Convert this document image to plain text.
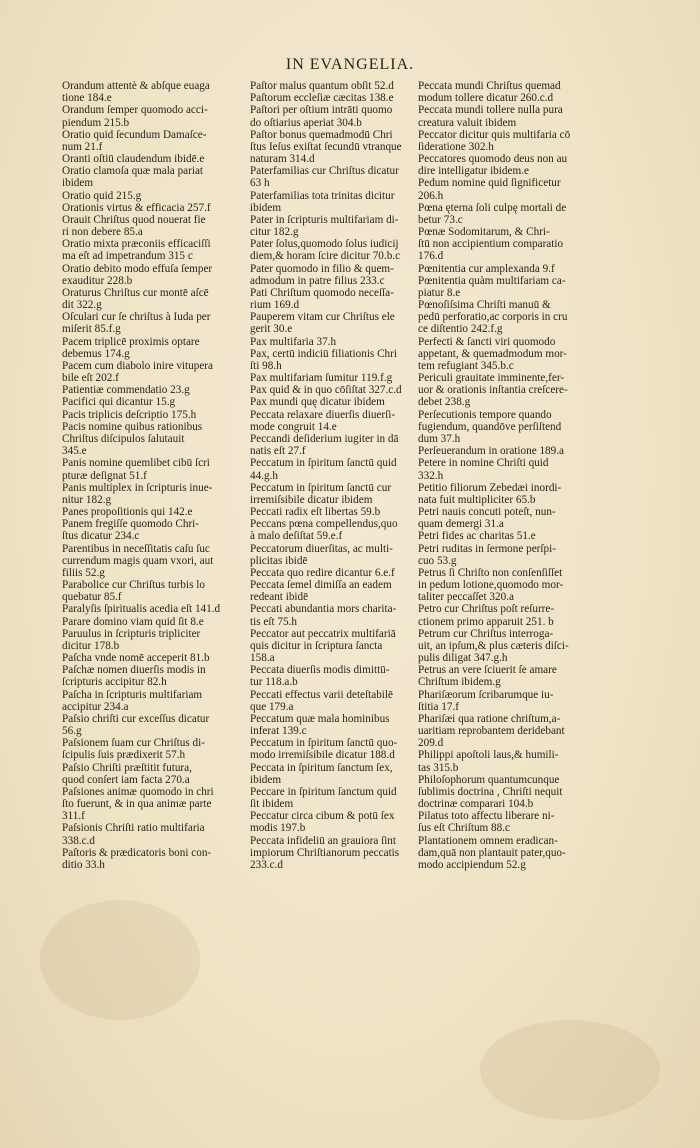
IN EVANGELIA.
Orandum attentè & abſque euaga
tione 184.e
Orandum ſemper quomodo acci-
piendum 215.b
Oratio quid ſecundum Damaſce-
num 21.f
Oranti oſtiū claudendum ibidē.e
Oratio clamoſa quæ mala pariat
ibidem
Oratio quid 215.g
Orationis virtus & efficacia 257.f
Orauit Chriſtus quod nouerat fie
ri non debere 85.a
Oratio mixta præconiis efficaciſſi
ma eſt ad impetrandum 315 c
Oratio debito modo effuſa ſemper
exauditur 228.b
Oraturus Chriſtus cur montē aſcē
dit 322.g
Oſculari cur ſe chriſtus à Iuda per
miſerit 85.f.g
Pacem triplicē proximis optare
debemus 174.g
Pacem cum diabolo inire vitupera
bile eſt 202.f
Patientiæ commendatio 23.g
Pacifici qui dicantur 15.g
Pacis triplicis deſcriptio 175.h
Pacis nomine quibus rationibus
Chriſtus diſcipulos ſalutauit
345.e
Panis nomine quemlibet cibū ſcri
pturæ deſignat 51.f
Panis multiplex in ſcripturis inue-
nitur 182.g
Panes propoſitionis qui 142.e
Panem fregiſſe quomodo Chri-
ſtus dicatur 234.c
Parentibus in neceſſitatis caſu ſuc
currendum magis quam vxori, aut
filiis 52.g
Parabolice cur Chriſtus turbis lo
quebatur 85.f
Paralyſis ſpiritualis acedia eſt 141.d
Parare domino viam quid ſit 8.e
Paruulus in ſcripturis tripliciter
dicitur 178.b
Paſcha vnde nomē acceperit 81.b
Paſchæ nomen diuerſis modis in
ſcripturis accipitur 82.h
Paſcha in ſcripturis multifariam
accipitur 234.a
Paſsio chriſti cur exceſſus dicatur
56.g
Paſsionem ſuam cur Chriſtus di-
ſcipulis ſuis prædixerit 57.h
Paſsio Chriſti præſtitit futura,
quod conſert iam facta 270.a
Paſsiones animæ quomodo in chri
ſto fuerunt, & in qua animæ parte
311.f
Paſsionis Chriſti ratio multifaria
338.c.d
Paſtoris & prædicatoris boni con-
ditio 33.h
Paſtor malus quantum obſit 52.d
Paſtorum eccleſiæ cæcitas 138.e
Paſtori per oſtium intrāti quomo
do oſtiarius aperiat 304.b
Paſtor bonus quemadmodū Chri
ſtus Ieſus exiſtat ſecundū vtranque
naturam 314.d
Paterfamilias cur Chriſtus dicatur
63 h
Paterfamilias tota trinitas dicitur
ibidem
Pater in ſcripturis multifariam di-
citur 182.g
Pater ſolus,quomodo ſolus iudicij
diem,& horam ſcire dicitur 70.b.c
Pater quomodo in filio & quem-
admodum in patre filius 233.c
Pati Chriſtum quomodo neceſſa-
rium 169.d
Pauperem vitam cur Chriſtus ele
gerit 30.e
Pax multifaria 37.h
Pax, certū indiciū filiationis Chri
ſti 98.h
Pax multifariam ſumitur 119.f.g
Pax quid & in quo cōſiſtat 327.c.d
Pax mundi quę dicatur ibidem
Peccata relaxare diuerſis diuerſi-
mode congruit 14.e
Peccandi deſiderium iugiter in dā
natis eſt 27.f
Peccatum in ſpiritum ſanctū quid
44.g.h
Peccatum in ſpiritum ſanctū cur
irremiſsibile dicatur ibidem
Peccati radix eſt libertas 59.b
Peccans pœna compellendus,quo
à malo deſiſtat 59.e.f
Peccatorum diuerſitas, ac multi-
plicitas ibidē
Peccata quo redire dicantur 6.e.f
Peccata ſemel dimiſſa an eadem
redeant ibidē
Peccati abundantia mors charita-
tis eſt 75.h
Peccator aut peccatrix multifariā
quis dicitur in ſcriptura ſancta
158.a
Peccata diuerſis modis dimittū-
tur 118.a.b
Peccati effectus varii deteſtabilē
que 179.a
Peccatum quæ mala hominibus
inferat 139.c
Peccatum in ſpiritum ſanctū quo-
modo irremiſsibile dicatur 188.d
Peccata in ſpiritum ſanctum ſex,
ibidem
Peccare in ſpiritum ſanctum quid
ſit ibidem
Peccatur circa cibum & potū ſex
modis 197.b
Peccata infideliū an grauiora ſint
impiorum Chriſtianorum peccatis
233.c.d
Peccata mundi Chriſtus quemad
modum tollere dicatur 260.c.d
Peccata mundi tollere nulla pura
creatura valuit ibidem
Peccator dicitur quis multifaria cō
ſideratione 302.h
Peccatores quomodo deus non au
dire intelligatur ibidem.e
Pedum nomine quid ſignificetur
206.h
Pœna ęterna ſoli culpę mortali de
betur 73.c
Pœnæ Sodomitarum, & Chri-
ſtū non accipientium comparatio
176.d
Pœnitentia cur amplexanda 9.f
Pœnitentia quàm multifariam ca-
piatur 8.e
Pœnoſiſsima Chriſti manuū &
pedū perforatio,ac corporis in cru
ce diſtentio 242.f.g
Perfecti & ſancti viri quomodo
appetant, & quemadmodum mor-
tem refugiant 345.b.c
Periculi grauitate imminente,fer-
uor & orationis inſtantia creſcere-
debet 238.g
Perſecutionis tempore quando
fugiendum, quandōve perſiſtend
dum 37.h
Perſeuerandum in oratione 189.a
Petere in nomine Chriſti quid
332.h
Petitio filiorum Zebedæi inordi-
nata fuit multipliciter 65.b
Petri nauis concuti poteſt, nun-
quam demergi 31.a
Petri fides ac charitas 51.e
Petri ruditas in ſermone perſpi-
cuo 53.g
Petrus ſi Chriſto non conſenſiſſet
in pedum lotione,quomodo mor-
taliter peccaſſet 320.a
Petro cur Chriſtus poſt reſurre-
ctionem primo apparuit 251. b
Petrum cur Chriſtus interroga-
uit, an ipſum,& plus cæteris diſci-
pulis diligat 347.g.h
Petrus an vere ſciuerit ſe amare
Chriſtum ibidem.g
Phariſæorum ſcribarumque iu-
ſtitia 17.f
Phariſæi qua ratione chriſtum,a-
uaritiam reprobantem deridebant
209.d
Philippi apoſtoli laus,& humili-
tas 315.b
Philoſophorum quantumcunque
ſublimis doctrina , Chriſti nequit
doctrinæ comparari 104.b
Pilatus toto affectu liberare ni-
ſus eſt Chriſtum 88.c
Plantationem omnem eradican-
dam,quā non plantauit pater,quo-
modo accipiendum 52.g
